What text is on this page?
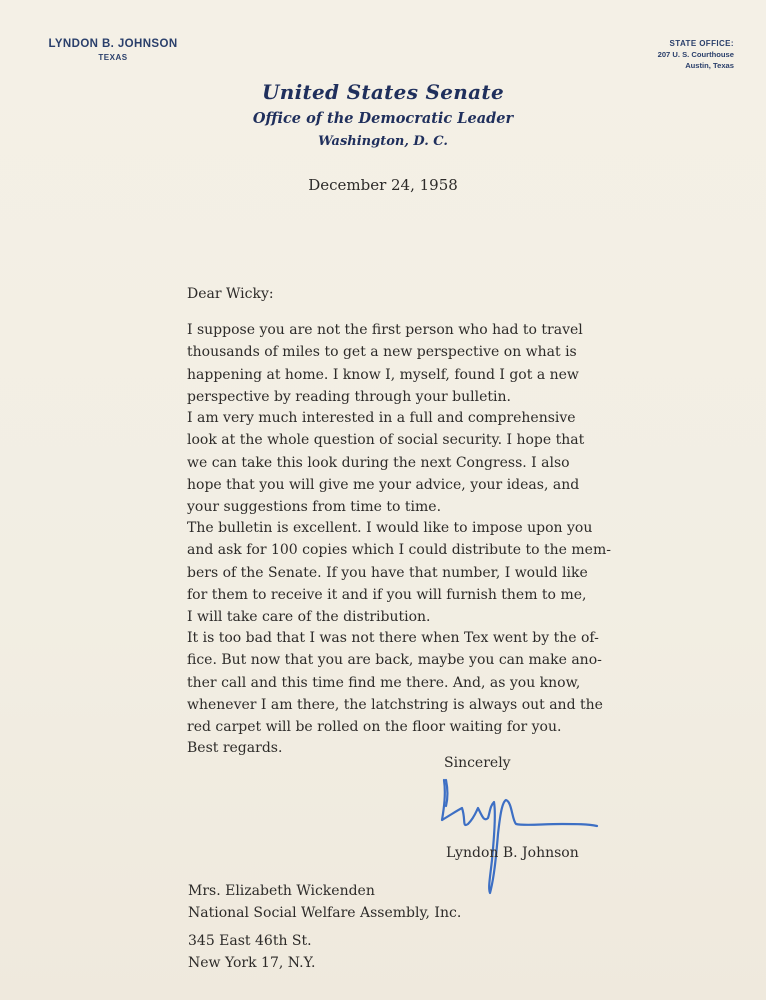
LYNDON B. JOHNSON
TEXAS
STATE OFFICE:
207 U. S. Courthouse
Austin, Texas
United States Senate
Office of the Democratic Leader
Washington, D. C.
December 24, 1958
Dear Wicky:
I suppose you are not the first person who had to travel
thousands of miles to get a new perspective on what is
happening at home. I know I, myself, found I got a new
perspective by reading through your bulletin.
I am very much interested in a full and comprehensive
look at the whole question of social security. I hope that
we can take this look during the next Congress. I also
hope that you will give me your advice, your ideas, and
your suggestions from time to time.
The bulletin is excellent. I would like to impose upon you
and ask for 100 copies which I could distribute to the mem-
bers of the Senate. If you have that number, I would like
for them to receive it and if you will furnish them to me,
I will take care of the distribution.
It is too bad that I was not there when Tex went by the of-
fice. But now that you are back, maybe you can make ano-
ther call and this time find me there. And, as you know,
whenever I am there, the latchstring is always out and the
red carpet will be rolled on the floor waiting for you.
Best regards.
Sincerely
Lyndon B. Johnson
Mrs. Elizabeth Wickenden
National Social Welfare Assembly, Inc.
345 East 46th St.
New York 17, N.Y.
